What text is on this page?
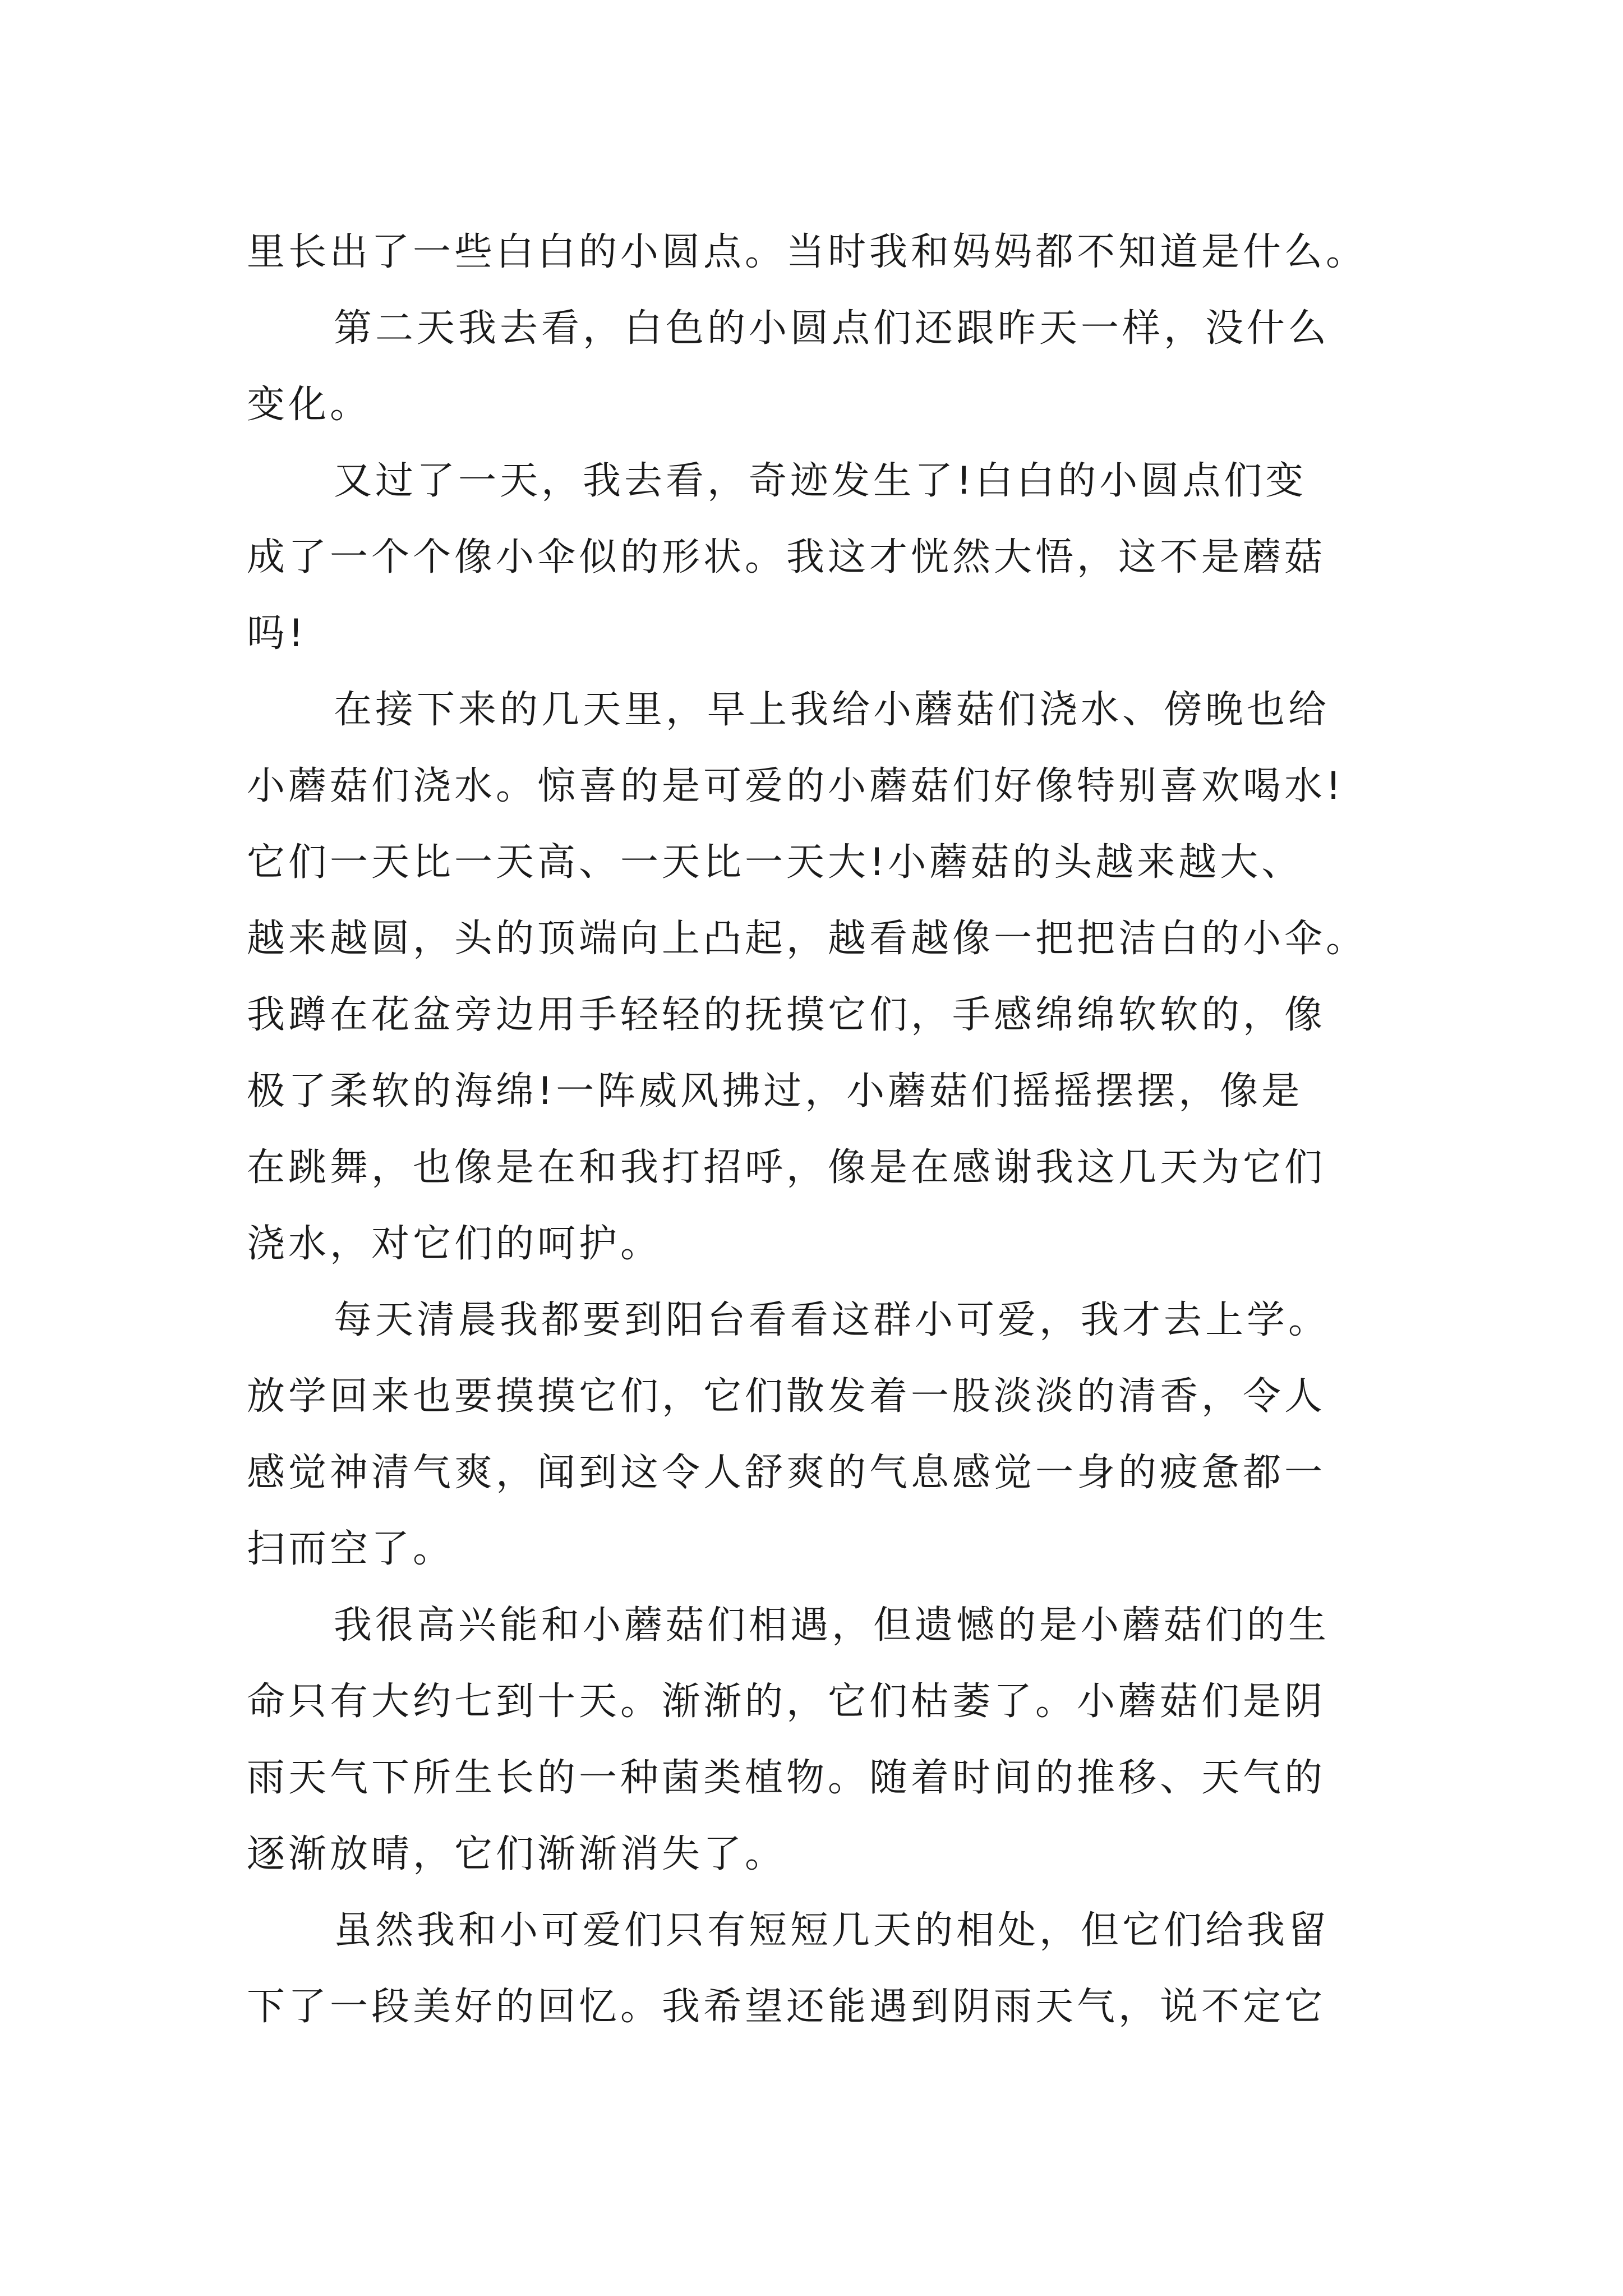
里长出了一些白白的小圆点。当时我和妈妈都不知道是什么。
第二天我去看，白色的小圆点们还跟昨天一样，没什么
变化。
又过了一天，我去看，奇迹发生了!白白的小圆点们变
成了一个个像小伞似的形状。我这才恍然大悟，这不是蘑菇
吗!
在接下来的几天里，早上我给小蘑菇们浇水、傍晚也给
小蘑菇们浇水。惊喜的是可爱的小蘑菇们好像特别喜欢喝水!
它们一天比一天高、一天比一天大!小蘑菇的头越来越大、
越来越圆，头的顶端向上凸起，越看越像一把把洁白的小伞。
我蹲在花盆旁边用手轻轻的抚摸它们，手感绵绵软软的，像
极了柔软的海绵!一阵威风拂过，小蘑菇们摇摇摆摆，像是
在跳舞，也像是在和我打招呼，像是在感谢我这几天为它们
浇水，对它们的呵护。
每天清晨我都要到阳台看看这群小可爱，我才去上学。
放学回来也要摸摸它们，它们散发着一股淡淡的清香，令人
感觉神清气爽，闻到这令人舒爽的气息感觉一身的疲惫都一
扫而空了。
我很高兴能和小蘑菇们相遇，但遗憾的是小蘑菇们的生
命只有大约七到十天。渐渐的，它们枯萎了。小蘑菇们是阴
雨天气下所生长的一种菌类植物。随着时间的推移、天气的
逐渐放晴，它们渐渐消失了。
虽然我和小可爱们只有短短几天的相处，但它们给我留
下了一段美好的回忆。我希望还能遇到阴雨天气，说不定它
